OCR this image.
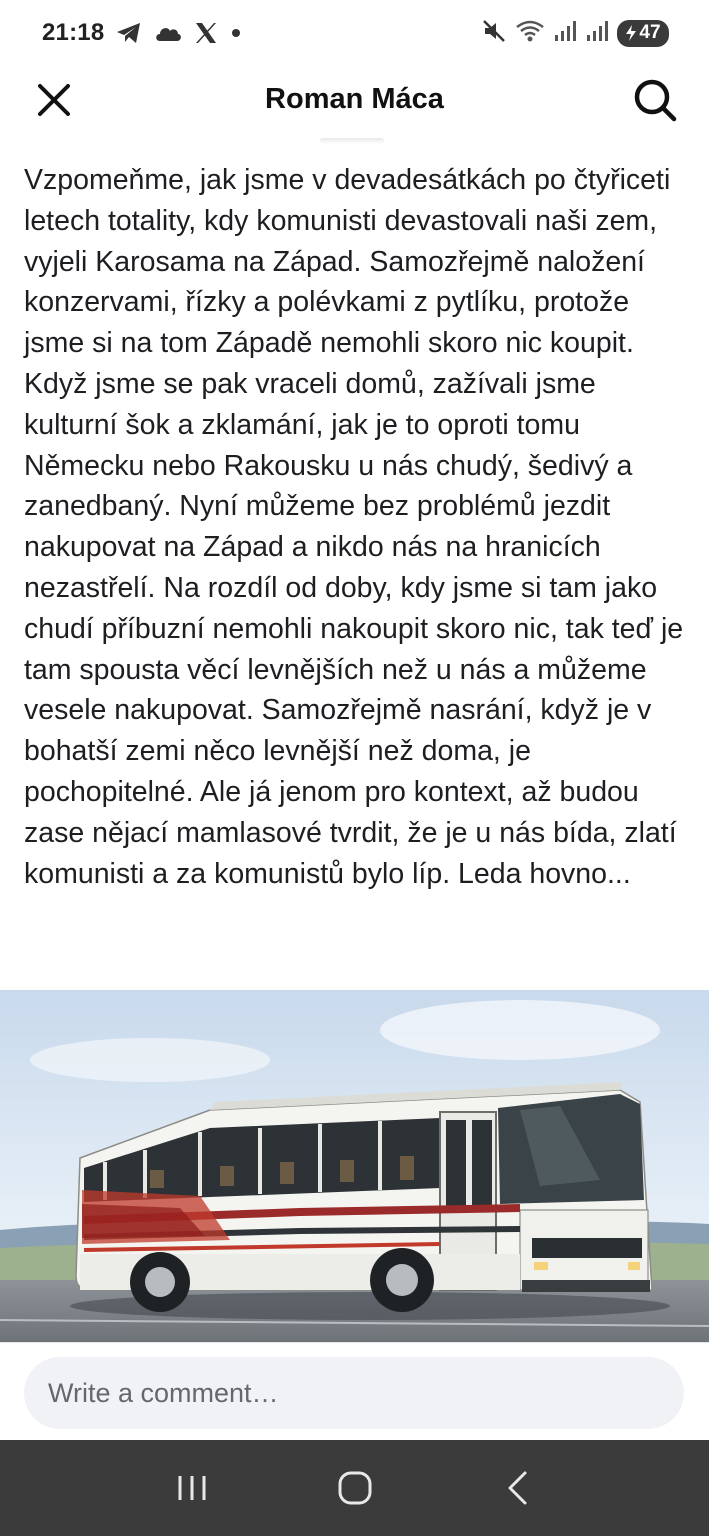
21:18	47
Roman Máca
Vzpomeňme, jak jsme v devadesátkách po čtyřiceti letech totality, kdy komunisti devastovali naši zem, vyjeli Karosama na Západ. Samozřejmě naložení konzervami, řízky a polévkami z pytlíku, protože jsme si na tom Západě nemohli skoro nic koupit. Když jsme se pak vraceli domů, zažívali jsme kulturní šok a zklamání, jak je to oproti tomu Německu nebo Rakousku u nás chudý, šedivý a zanedbaný. Nyní můžeme bez problémů jezdit nakupovat na Západ a nikdo nás na hranicích nezastřelí. Na rozdíl od doby, kdy jsme si tam jako chudí příbuzní nemohli nakoupit skoro nic, tak teď je tam spousta věcí levnějších než u nás a můžeme vesele nakupovat. Samozřejmě nasrání, když je v bohatší zemi něco levnější než doma, je pochopitelné. Ale já jenom pro kontext, až budou zase nějací mamlasové tvrdit, že je u nás bída, zlatí komunisti a za komunistů bylo líp. Leda hovno...
Write a comment…
